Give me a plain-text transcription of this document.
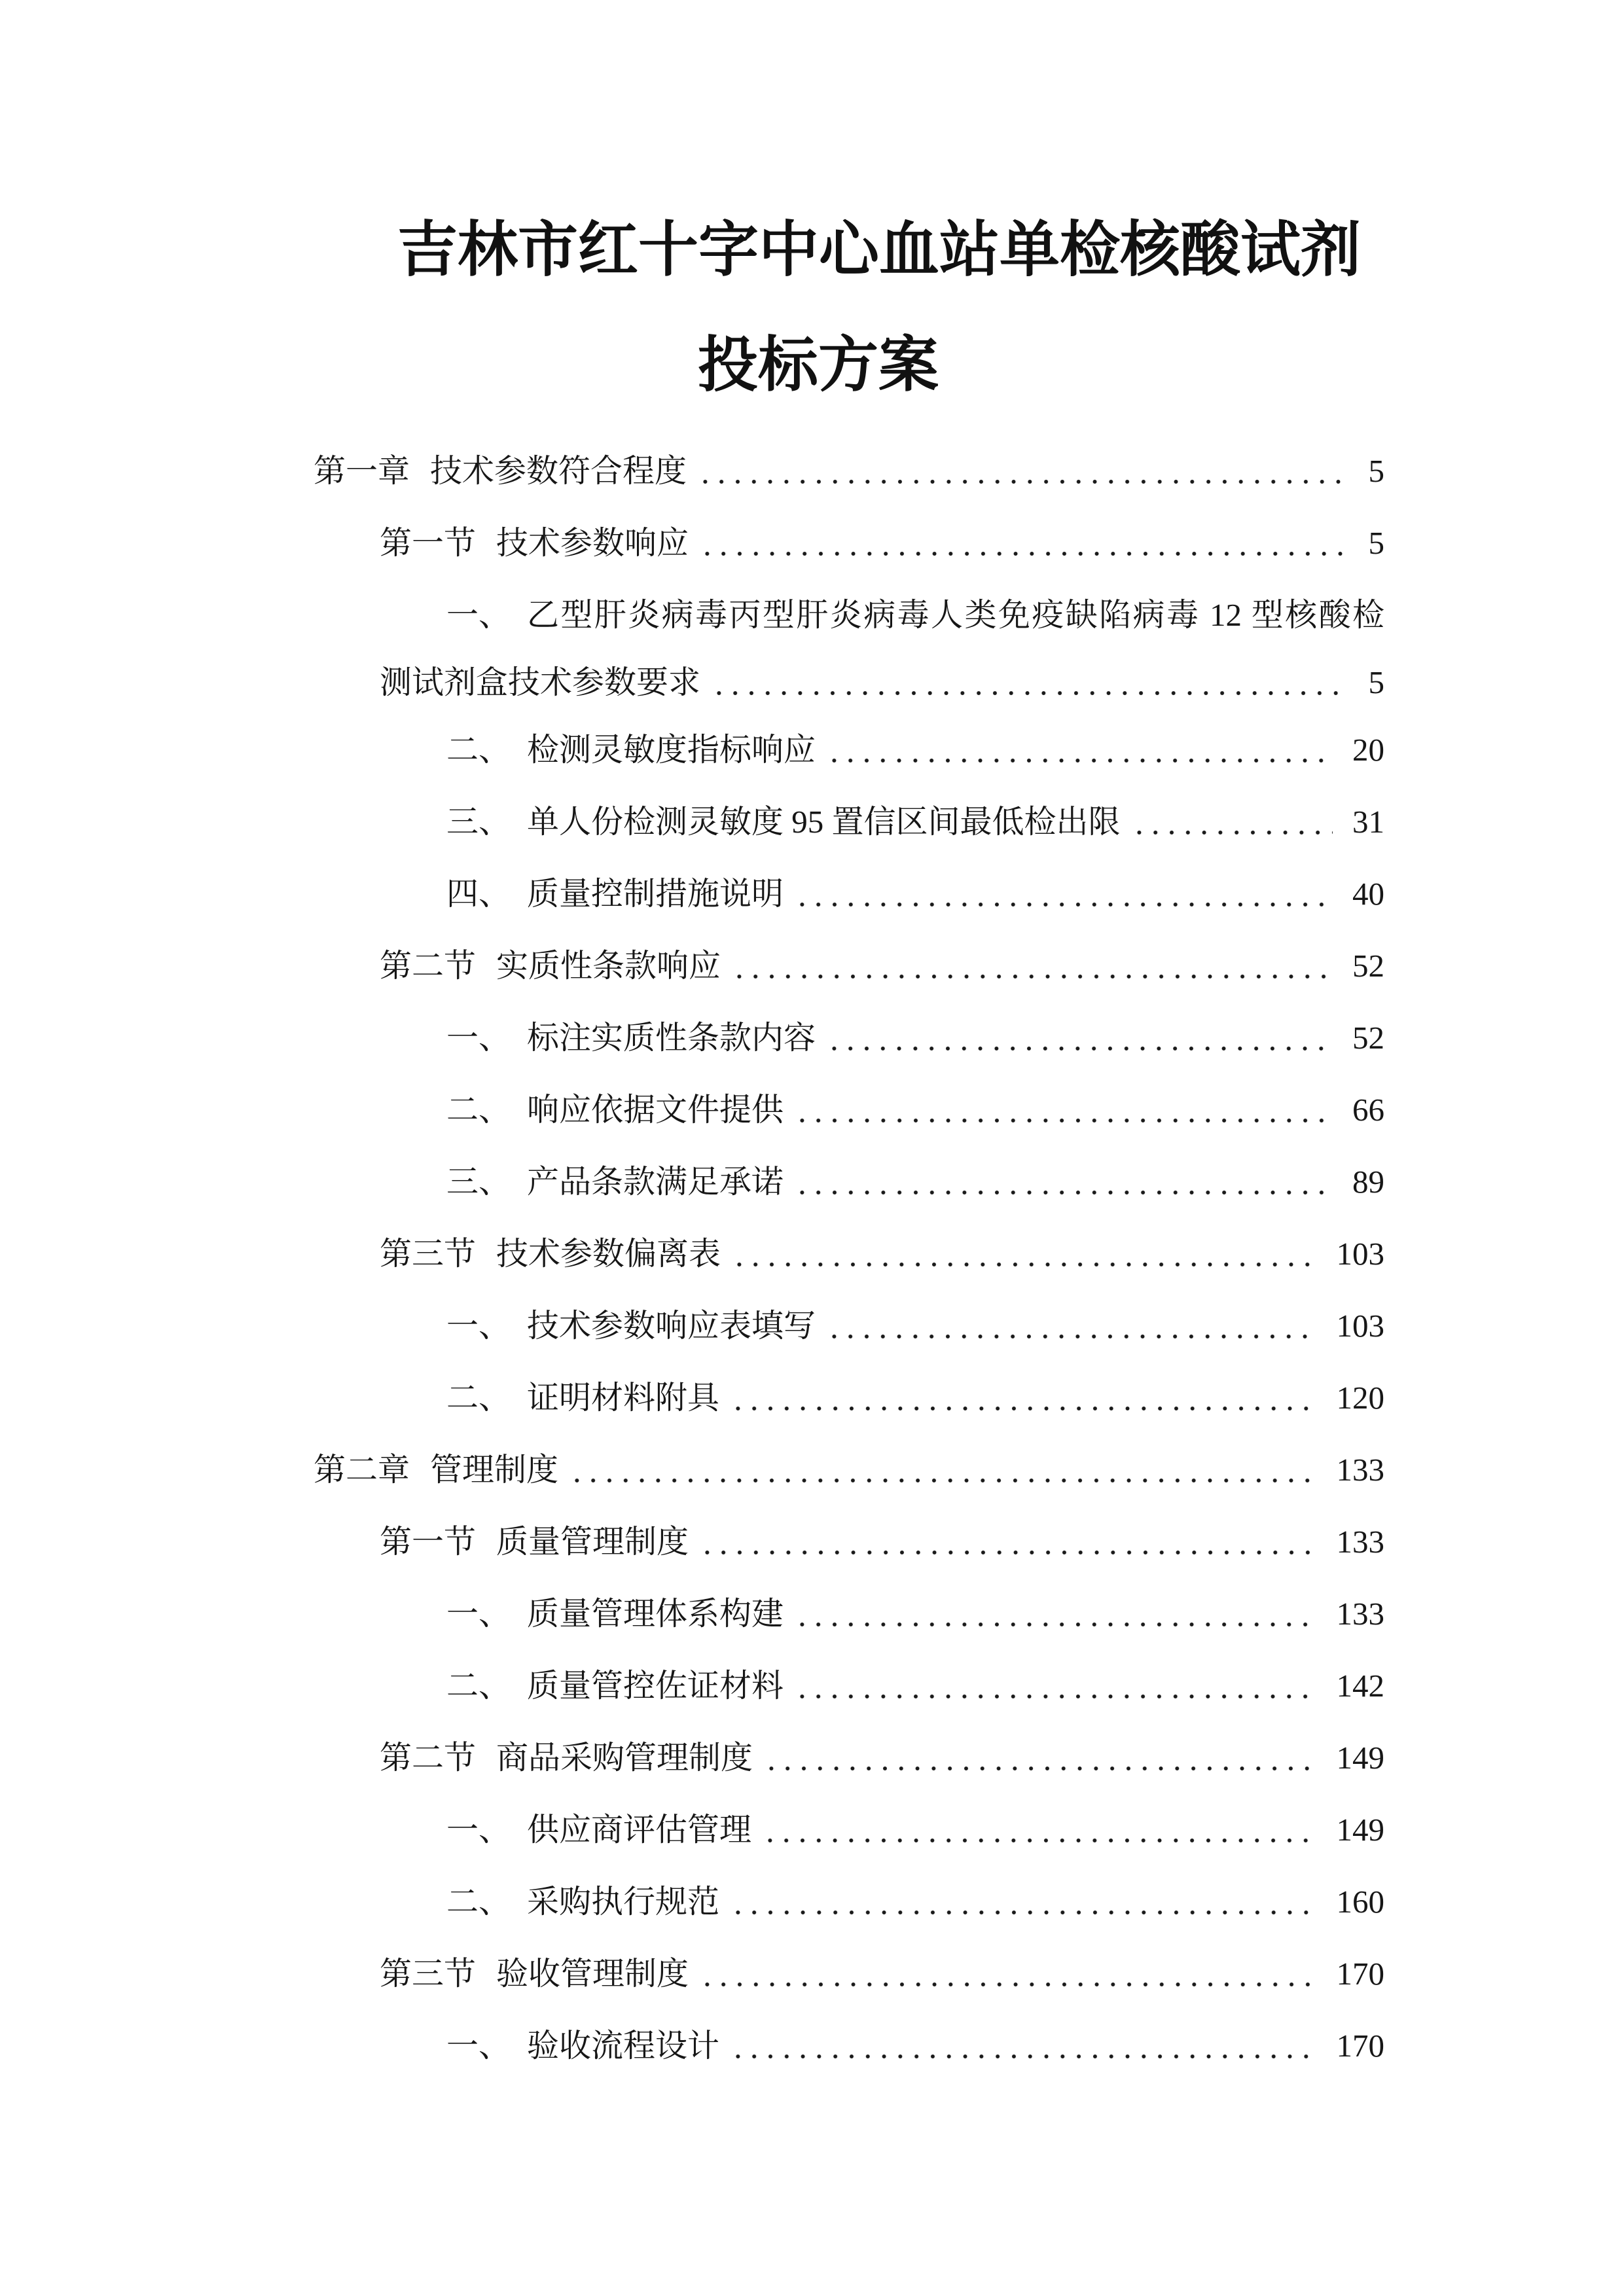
吉林市红十字中心血站单检核酸试剂
投标方案
第一章 技术参数符合程度	5
第一节 技术参数响应	5
一、 乙型肝炎病毒丙型肝炎病毒人类免疫缺陷病毒 12 型核酸检
测试剂盒技术参数要求	5
二、 检测灵敏度指标响应	20
三、 单人份检测灵敏度 95 置信区间最低检出限	31
四、 质量控制措施说明	40
第二节 实质性条款响应	52
一、 标注实质性条款内容	52
二、 响应依据文件提供	66
三、 产品条款满足承诺	89
第三节 技术参数偏离表	103
一、 技术参数响应表填写	103
二、 证明材料附具	120
第二章 管理制度	133
第一节 质量管理制度	133
一、 质量管理体系构建	133
二、 质量管控佐证材料	142
第二节 商品采购管理制度	149
一、 供应商评估管理	149
二、 采购执行规范	160
第三节 验收管理制度	170
一、 验收流程设计	170
